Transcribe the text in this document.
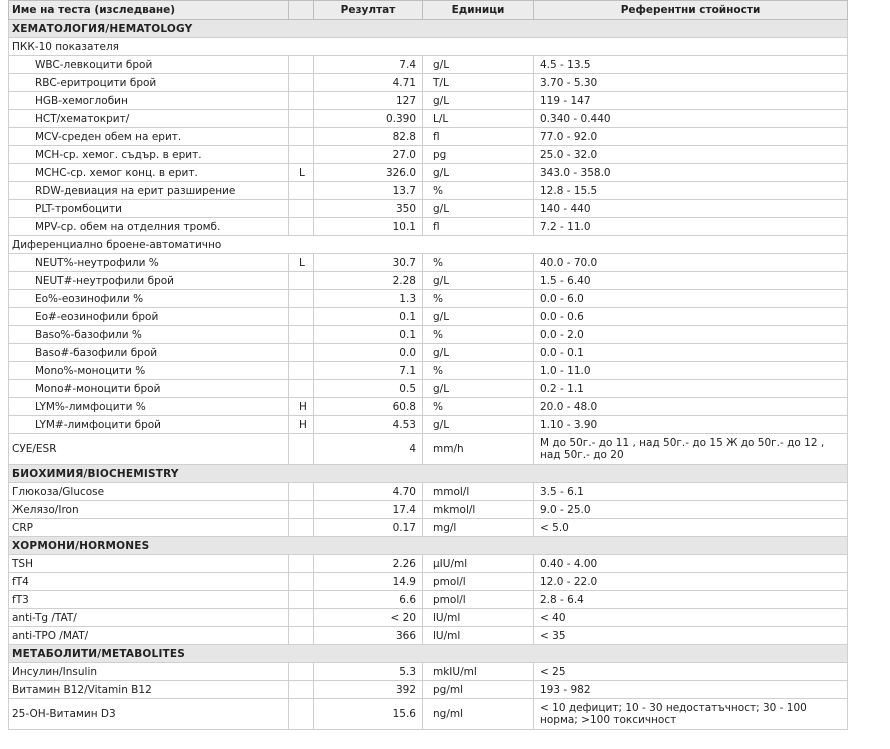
Име на теста (изследване)		Резултат	Единици	Референтни стойности
ХЕМАТОЛОГИЯ/HEMATOLOGY				
ПКК-10 показателя				
WBC-левкоцити брой		7.4	g/L	4.5 - 13.5
RBC-еритроцити брой		4.71	T/L	3.70 - 5.30
HGB-хемоглобин		127	g/L	119 - 147
HCT/хематокрит/		0.390	L/L	0.340 - 0.440
MCV-среден обем на ерит.		82.8	fl	77.0 - 92.0
MCH-ср. хемог. съдър. в ерит.		27.0	pg	25.0 - 32.0
MCHC-ср. хемог конц. в ерит.	L	326.0	g/L	343.0 - 358.0
RDW-девиация на ерит разширение		13.7	%	12.8 - 15.5
PLT-тромбоцити		350	g/L	140 - 440
MPV-ср. обем на отделния тромб.		10.1	fl	7.2 - 11.0
Диференциално броене-автоматично				
NEUT%-неутрофили %	L	30.7	%	40.0 - 70.0
NEUT#-неутрофили брой		2.28	g/L	1.5 - 6.40
Eo%-еозинофили %		1.3	%	0.0 - 6.0
Eo#-еозинофили брой		0.1	g/L	0.0 - 0.6
Baso%-базофили %		0.1	%	0.0 - 2.0
Baso#-базофили брой		0.0	g/L	0.0 - 0.1
Mono%-моноцити %		7.1	%	1.0 - 11.0
Mono#-моноцити брой		0.5	g/L	0.2 - 1.1
LYM%-лимфоцити %	H	60.8	%	20.0 - 48.0
LYM#-лимфоцити брой	H	4.53	g/L	1.10 - 3.90
СУЕ/ESR		4	mm/h	М до 50г.- до 11 , над 50г.- до 15 Ж до 50г.- до 12 , над 50г.- до 20
БИОХИМИЯ/BIOCHEMISTRY				
Глюкоза/Glucose		4.70	mmol/l	3.5 - 6.1
Желязо/Iron		17.4	mkmol/l	9.0 - 25.0
CRP		0.17	mg/l	< 5.0
ХОРМОНИ/HORMONES				
TSH		2.26	µIU/ml	0.40 - 4.00
fT4		14.9	pmol/l	12.0 - 22.0
fT3		6.6	pmol/l	2.8 - 6.4
anti-Tg /TAT/		< 20	lU/ml	< 40
anti-TPO /MAT/		366	lU/ml	< 35
МЕТАБОЛИТИ/METABOLITES				
Инсулин/Insulin		5.3	mkIU/ml	< 25
Витамин B12/Vitamin B12		392	pg/ml	193 - 982
25-OH-Витамин D3		15.6	ng/ml	< 10 дефицит; 10 - 30 недостатъчност; 30 - 100 норма; >100 токсичност
